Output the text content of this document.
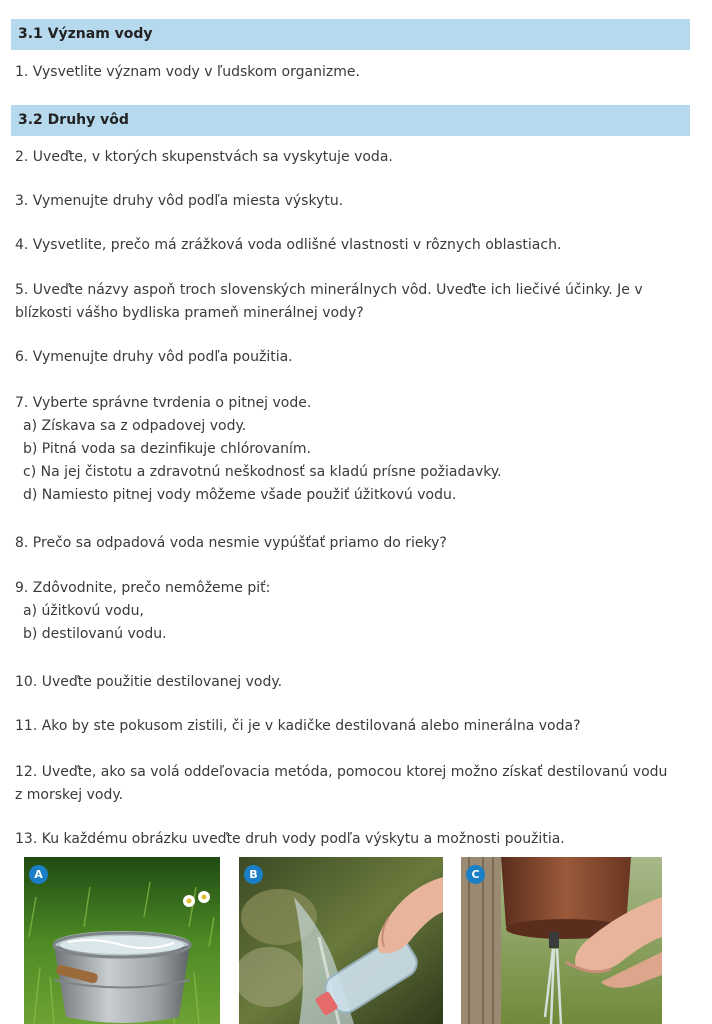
3.1 Význam vody
1. Vysvetlite význam vody v ľudskom organizme.
3.2 Druhy vôd
2. Uveďte, v ktorých skupenstvách sa vyskytuje voda.
3. Vymenujte druhy vôd podľa miesta výskytu.
4. Vysvetlite, prečo má zrážková voda odlišné vlastnosti v rôznych oblastiach.
5. Uveďte názvy aspoň troch slovenských minerálnych vôd. Uveďte ich liečivé účinky. Je v blízkosti vášho bydliska prameň minerálnej vody?
6. Vymenujte druhy vôd podľa použitia.
7. Vyberte správne tvrdenia o pitnej vode.
a) Získava sa z odpadovej vody.
b) Pitná voda sa dezinfikuje chlórovaním.
c) Na jej čistotu a zdravotnú neškodnosť sa kladú prísne požiadavky.
d) Namiesto pitnej vody môžeme všade použiť úžitkovú vodu.
8. Prečo sa odpadová voda nesmie vypúšťať priamo do rieky?
9. Zdôvodnite, prečo nemôžeme piť:
a) úžitkovú vodu,
b) destilovanú vodu.
10. Uveďte použitie destilovanej vody.
11. Ako by ste pokusom zistili, či je v kadičke destilovaná alebo minerálna voda?
12. Uveďte, ako sa volá oddeľovacia metóda, pomocou ktorej možno získať destilovanú vodu z morskej vody.
13. Ku každému obrázku uveďte druh vody podľa výskytu a možnosti použitia.
A	B	C
